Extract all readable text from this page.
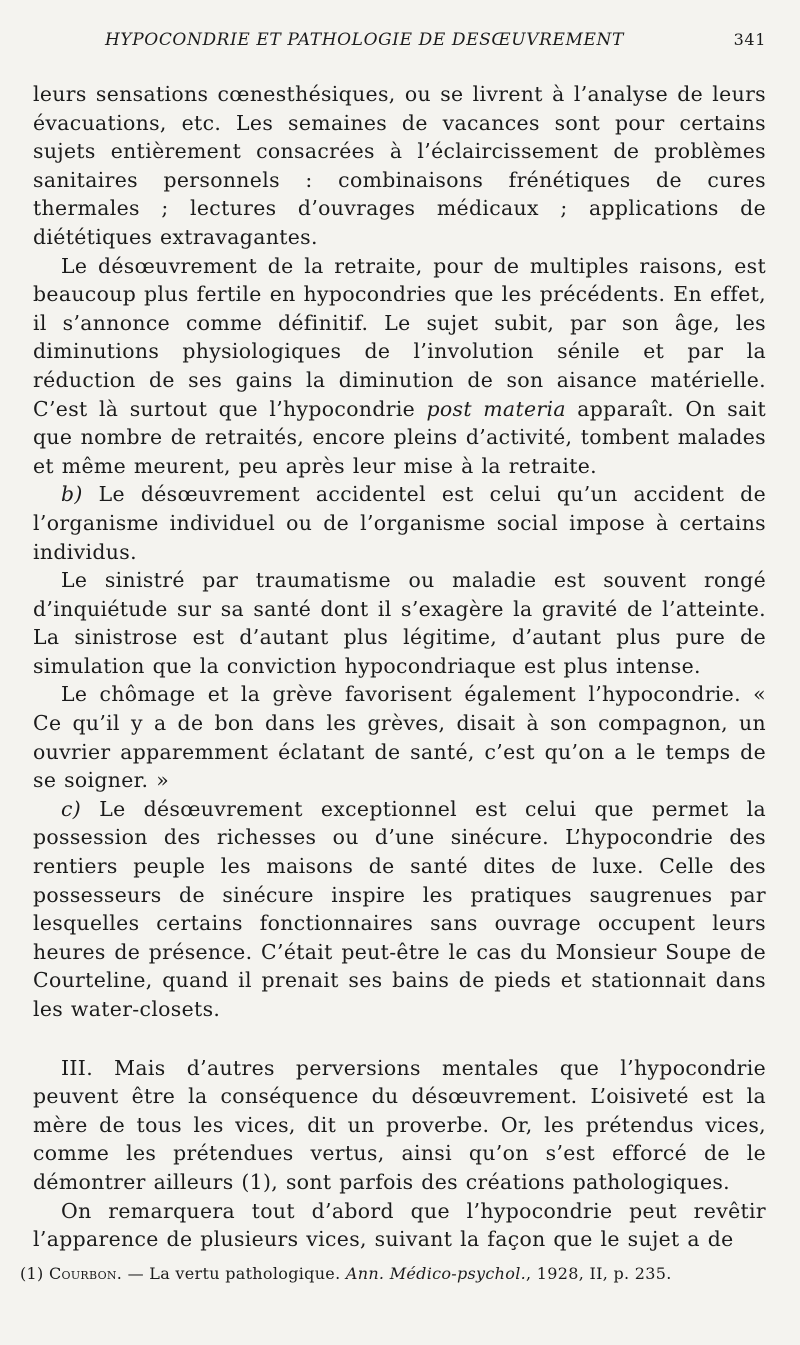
HYPOCONDRIE ET PATHOLOGIE DE DESŒUVREMENT	341

leurs sensations cœnesthésiques, ou se livrent à l’analyse de leurs évacuations, etc. Les semaines de vacances sont pour certains sujets entièrement consacrées à l’éclaircissement de problèmes sanitaires personnels : combinaisons frénétiques de cures thermales ; lectures d’ouvrages médicaux ; applications de diététiques extravagantes.

Le désœuvrement de la retraite, pour de multiples raisons, est beaucoup plus fertile en hypocondries que les précédents. En effet, il s’annonce comme définitif. Le sujet subit, par son âge, les diminutions physiologiques de l’involution sénile et par la réduction de ses gains la diminution de son aisance matérielle. C’est là surtout que l’hypocondrie post materia apparaît. On sait que nombre de retraités, encore pleins d’activité, tombent malades et même meurent, peu après leur mise à la retraite.

b) Le désœuvrement accidentel est celui qu’un accident de l’organisme individuel ou de l’organisme social impose à certains individus.

Le sinistré par traumatisme ou maladie est souvent rongé d’inquiétude sur sa santé dont il s’exagère la gravité de l’atteinte. La sinistrose est d’autant plus légitime, d’autant plus pure de simulation que la conviction hypocondriaque est plus intense.

Le chômage et la grève favorisent également l’hypocondrie. « Ce qu’il y a de bon dans les grèves, disait à son compagnon, un ouvrier apparemment éclatant de santé, c’est qu’on a le temps de se soigner. »

c) Le désœuvrement exceptionnel est celui que permet la possession des richesses ou d’une sinécure. L’hypocondrie des rentiers peuple les maisons de santé dites de luxe. Celle des possesseurs de sinécure inspire les pratiques saugrenues par lesquelles certains fonctionnaires sans ouvrage occupent leurs heures de présence. C’était peut-être le cas du Monsieur Soupe de Courteline, quand il prenait ses bains de pieds et stationnait dans les water-closets.

III. Mais d’autres perversions mentales que l’hypocondrie peuvent être la conséquence du désœuvrement. L’oisiveté est la mère de tous les vices, dit un proverbe. Or, les prétendus vices, comme les prétendues vertus, ainsi qu’on s’est efforcé de le démontrer ailleurs (1), sont parfois des créations pathologiques.

On remarquera tout d’abord que l’hypocondrie peut revêtir l’apparence de plusieurs vices, suivant la façon que le sujet a de

(1) Courbon. — La vertu pathologique. Ann. Médico-psychol., 1928, II, p. 235.
